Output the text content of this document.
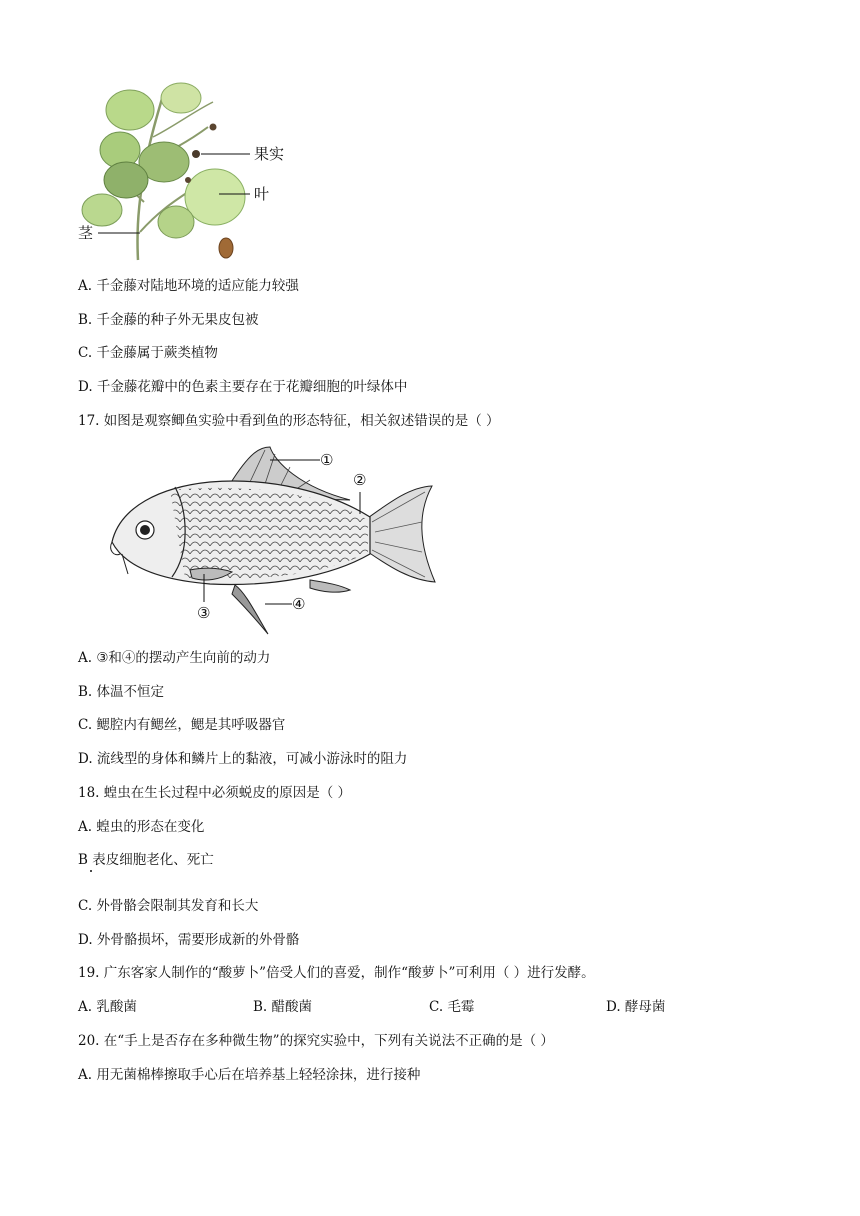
果实
叶
茎
A. 千金藤对陆地环境的适应能力较强
B. 千金藤的种子外无果皮包被
C. 千金藤属于蕨类植物
D. 千金藤花瓣中的色素主要存在于花瓣细胞的叶绿体中
17. 如图是观察鲫鱼实验中看到鱼的形态特征，相关叙述错误的是（ ）
①
②
③	④
A. ③和④的摆动产生向前的动力
B. 体温不恒定
C. 鳃腔内有鳃丝，鳃是其呼吸器官
D. 流线型的身体和鳞片上的黏液，可减小游泳时的阻力
18. 蝗虫在生长过程中必须蜕皮的原因是（ ）
A. 蝗虫的形态在变化
B 表皮细胞老化、死亡
C. 外骨骼会限制其发育和长大
D. 外骨骼损坏，需要形成新的外骨骼
19. 广东客家人制作的“酸萝卜”倍受人们的喜爱，制作“酸萝卜”可利用（ ）进行发酵。
A. 乳酸菌	B. 醋酸菌	C. 毛霉	D. 酵母菌
20. 在“手上是否存在多种微生物”的探究实验中，下列有关说法不正确的是（ ）
A. 用无菌棉棒擦取手心后在培养基上轻轻涂抹，进行接种
